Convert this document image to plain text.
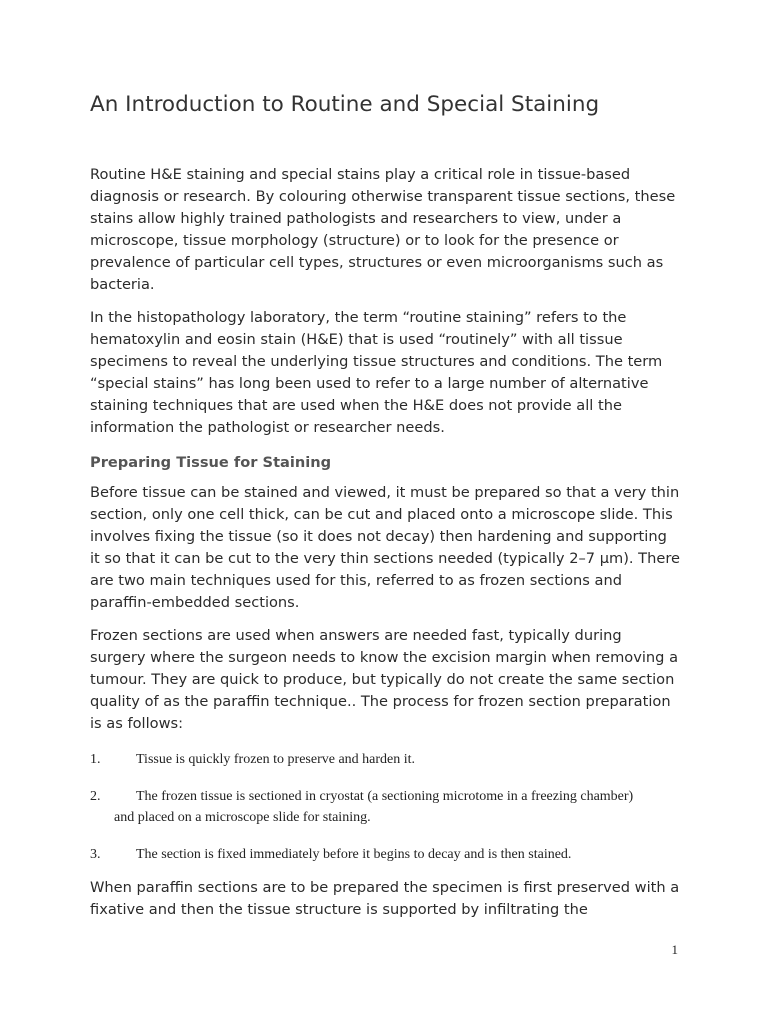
An Introduction to Routine and Special Staining

Routine H&E staining and special stains play a critical role in tissue-based diagnosis or research. By colouring otherwise transparent tissue sections, these stains allow highly trained pathologists and researchers to view, under a microscope, tissue morphology (structure) or to look for the presence or prevalence of particular cell types, structures or even microorganisms such as bacteria.

In the histopathology laboratory, the term “routine staining” refers to the hematoxylin and eosin stain (H&E) that is used “routinely” with all tissue specimens to reveal the underlying tissue structures and conditions. The term “special stains” has long been used to refer to a large number of alternative staining techniques that are used when the H&E does not provide all the information the pathologist or researcher needs.

Preparing Tissue for Staining

Before tissue can be stained and viewed, it must be prepared so that a very thin section, only one cell thick, can be cut and placed onto a microscope slide. This involves fixing the tissue (so it does not decay) then hardening and supporting it so that it can be cut to the very thin sections needed (typically 2–7 µm). There are two main techniques used for this, referred to as frozen sections and paraffin-embedded sections.

Frozen sections are used when answers are needed fast, typically during surgery where the surgeon needs to know the excision margin when removing a tumour. They are quick to produce, but typically do not create the same section quality of as the paraffin technique.. The process for frozen section preparation is as follows:

1.	Tissue is quickly frozen to preserve and harden it.
2.	The frozen tissue is sectioned in cryostat (a sectioning microtome in a freezing chamber)
and placed on a microscope slide for staining.
3.	The section is fixed immediately before it begins to decay and is then stained.

When paraffin sections are to be prepared the specimen is first preserved with a fixative and then the tissue structure is supported by infiltrating the

1
